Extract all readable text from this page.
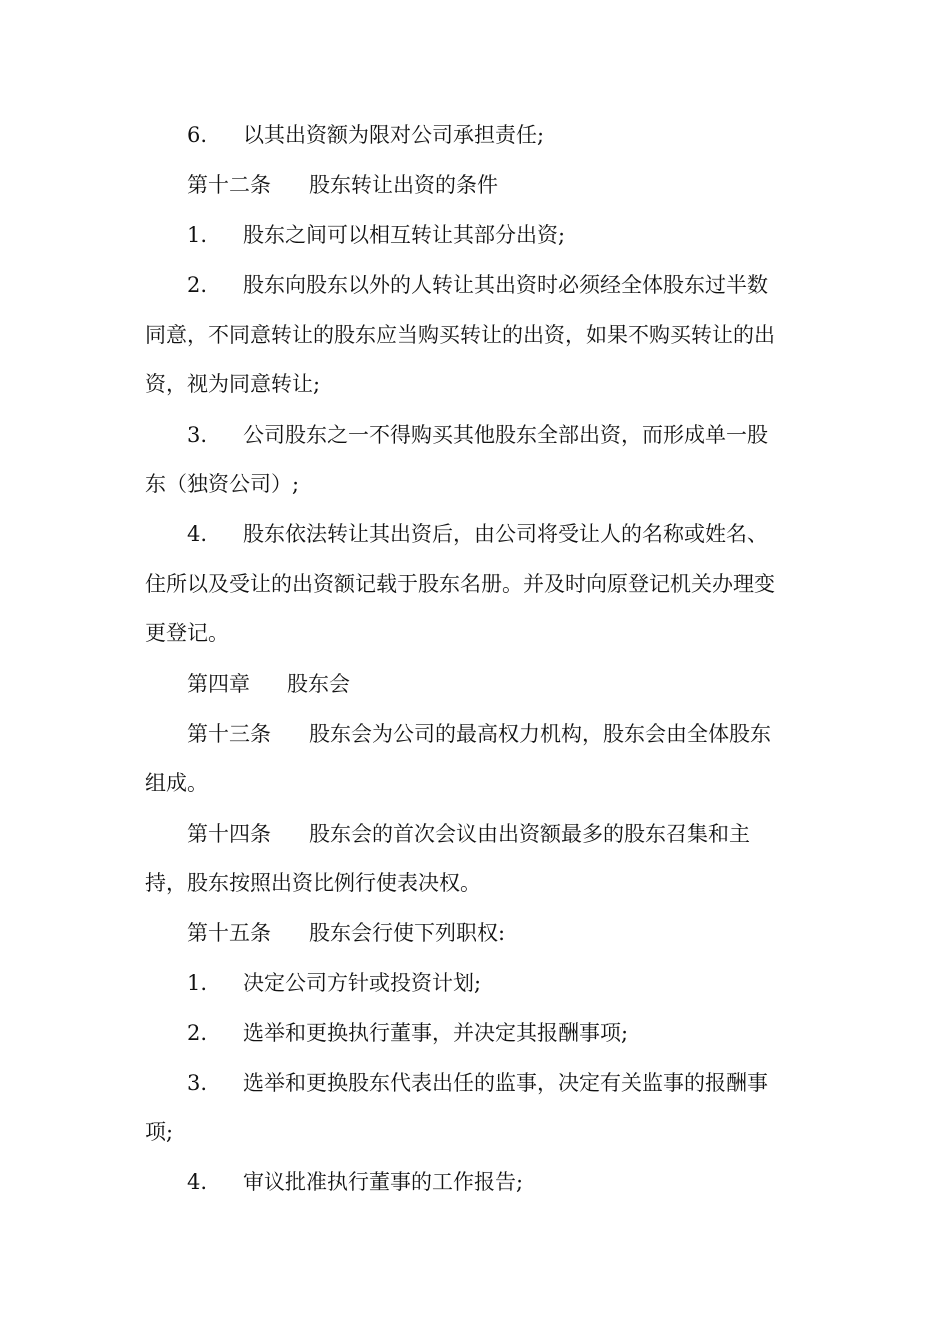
6. 以其出资额为限对公司承担责任;
第十二条 股东转让出资的条件
1. 股东之间可以相互转让其部分出资;
2. 股东向股东以外的人转让其出资时必须经全体股东过半数
同意，不同意转让的股东应当购买转让的出资，如果不购买转让的出
资，视为同意转让;
3. 公司股东之一不得购买其他股东全部出资，而形成单一股
东（独资公司）;
4. 股东依法转让其出资后，由公司将受让人的名称或姓名、
住所以及受让的出资额记载于股东名册。并及时向原登记机关办理变
更登记。
第四章 股东会
第十三条 股东会为公司的最高权力机构，股东会由全体股东
组成。
第十四条 股东会的首次会议由出资额最多的股东召集和主
持，股东按照出资比例行使表决权。
第十五条 股东会行使下列职权:
1. 决定公司方针或投资计划;
2. 选举和更换执行董事，并决定其报酬事项;
3. 选举和更换股东代表出任的监事，决定有关监事的报酬事
项;
4. 审议批准执行董事的工作报告;
